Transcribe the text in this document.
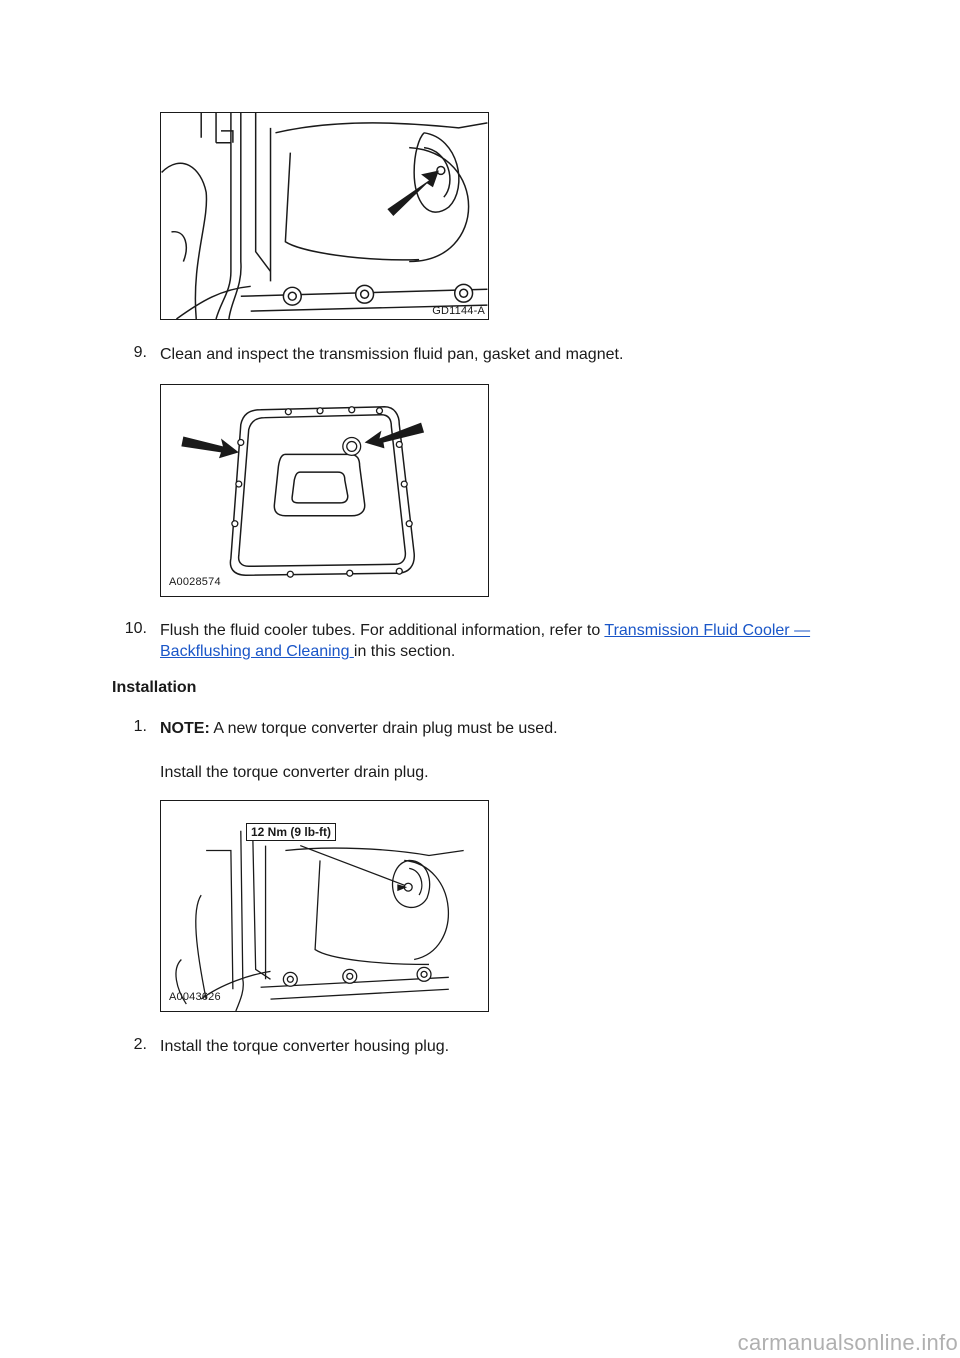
GD1144-A
9. Clean and inspect the transmission fluid pan, gasket and magnet.
A0028574
10. Flush the fluid cooler tubes. For additional information, refer to Transmission Fluid Cooler —
Backflushing and Cleaning in this section.
Installation
1. NOTE: A new torque converter drain plug must be used.
Install the torque converter drain plug.
12 Nm (9 lb-ft)
A0043626
2. Install the torque converter housing plug.
carmanualsonline.info
